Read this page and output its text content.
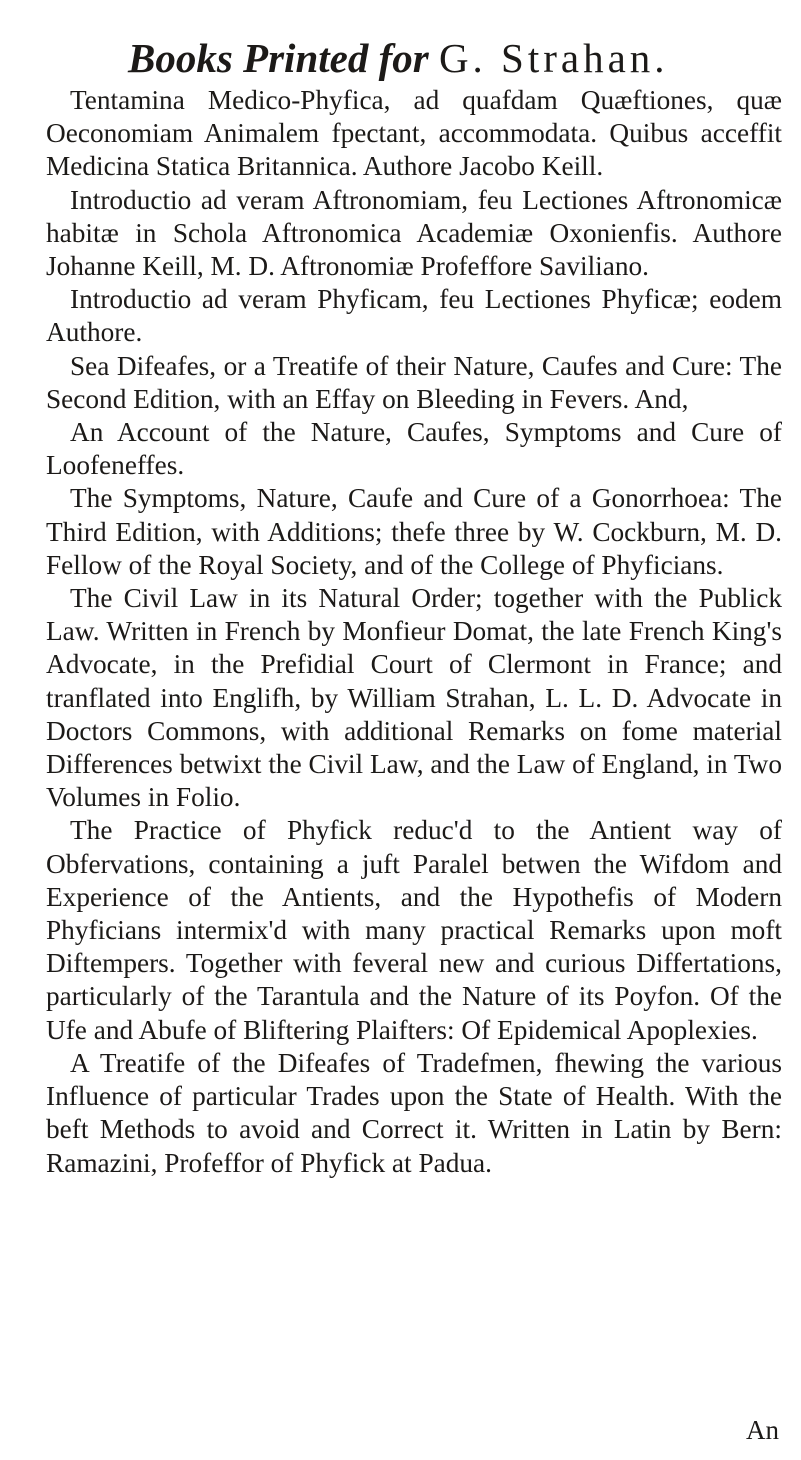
Books Printed for G. Strahan.

Tentamina Medico-Phyfica, ad quafdam Quæftiones, quæ Oeconomiam Animalem fpectant, accommodata. Quibus acceffit Medicina Statica Britannica. Authore Jacobo Keill.

Introductio ad veram Aftronomiam, feu Lectiones Aftronomicæ habitæ in Schola Aftronomica Academiæ Oxonienfis. Authore Johanne Keill, M. D. Aftronomiæ Profeffore Saviliano.

Introductio ad veram Phyficam, feu Lectiones Phyficæ; eodem Authore.

Sea Difeafes, or a Treatife of their Nature, Caufes and Cure: The Second Edition, with an Effay on Bleeding in Fevers. And,

An Account of the Nature, Caufes, Symptoms and Cure of Loofeneffes.

The Symptoms, Nature, Caufe and Cure of a Gonorrhoea: The Third Edition, with Additions; thefe three by W. Cockburn, M. D. Fellow of the Royal Society, and of the College of Phyficians.

The Civil Law in its Natural Order; together with the Publick Law. Written in French by Monfieur Domat, the late French King's Advocate, in the Prefidial Court of Clermont in France; and tranflated into Englifh, by William Strahan, L. L. D. Advocate in Doctors Commons, with additional Remarks on fome material Differences betwixt the Civil Law, and the Law of England, in Two Volumes in Folio.

The Practice of Phyfick reduc'd to the Antient way of Obfervations, containing a juft Paralel betwen the Wifdom and Experience of the Antients, and the Hypothefis of Modern Phyficians intermix'd with many practical Remarks upon moft Diftempers. Together with feveral new and curious Differtations, particularly of the Tarantula and the Nature of its Poyfon. Of the Ufe and Abufe of Bliftering Plaifters: Of Epidemical Apoplexies.

A Treatife of the Difeafes of Tradefmen, fhewing the various Influence of particular Trades upon the State of Health. With the beft Methods to avoid and Correct it. Written in Latin by Bern: Ramazini, Profeffor of Phyfick at Padua.

An
